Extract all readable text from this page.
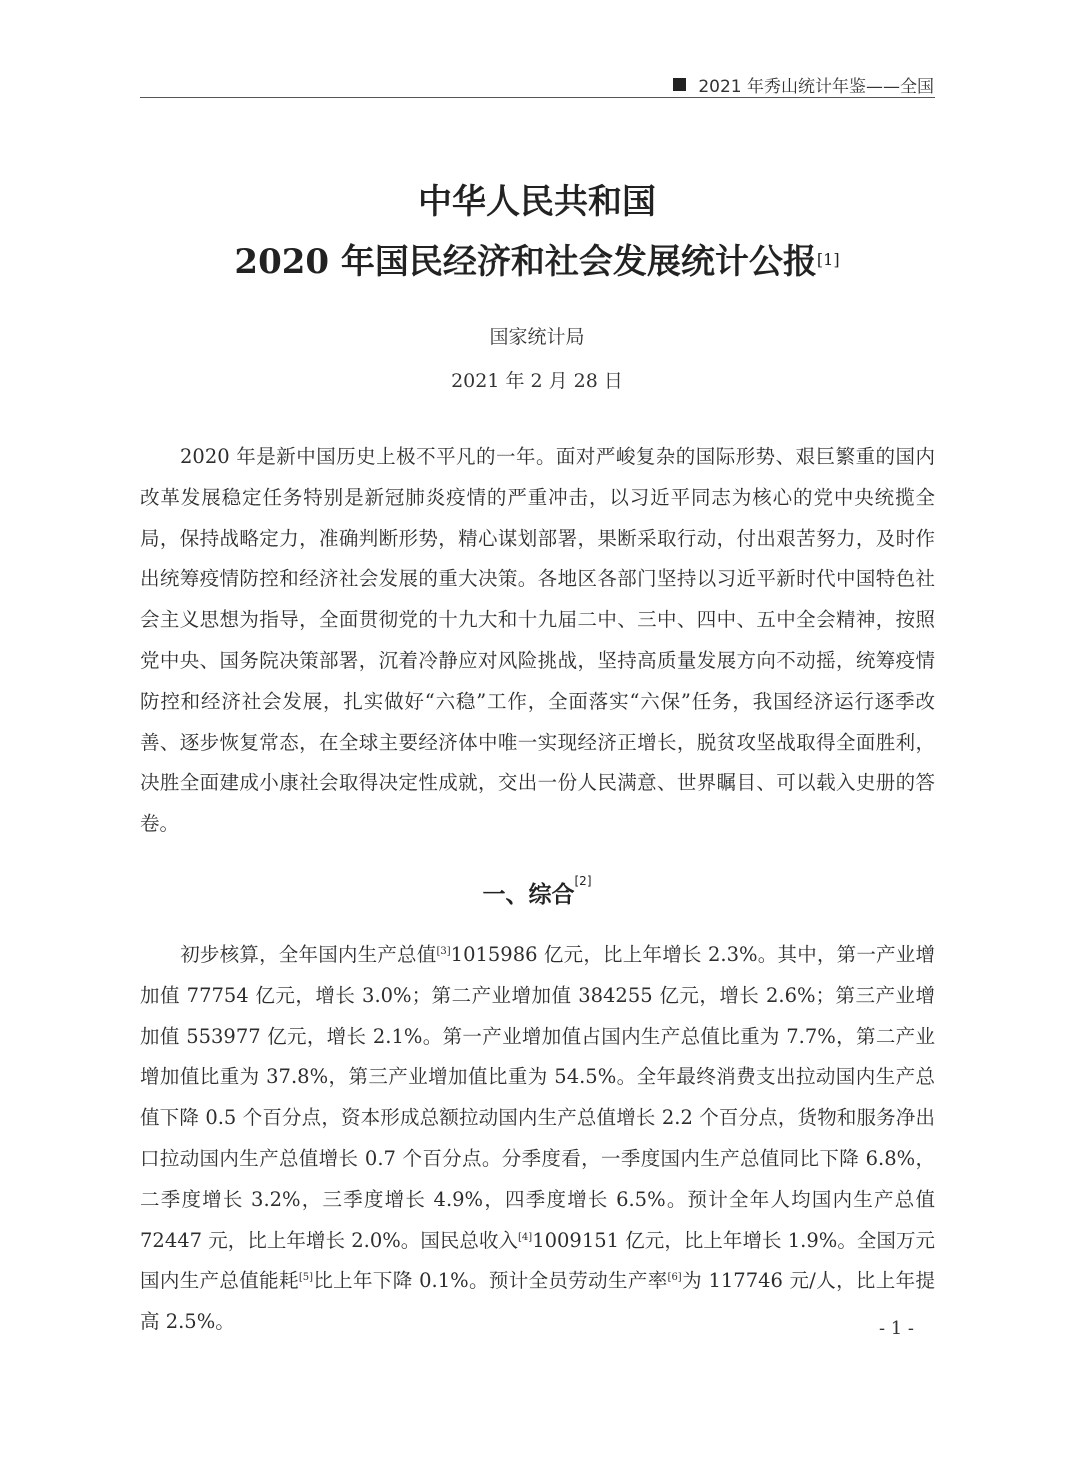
2021 年秀山统计年鉴——全国
中华人民共和国
2020 年国民经济和社会发展统计公报[1]
国家统计局
2021 年 2 月 28 日

2020 年是新中国历史上极不平凡的一年。面对严峻复杂的国际形势、艰巨繁重的国内改革发展稳定任务特别是新冠肺炎疫情的严重冲击，以习近平同志为核心的党中央统揽全局，保持战略定力，准确判断形势，精心谋划部署，果断采取行动，付出艰苦努力，及时作出统筹疫情防控和经济社会发展的重大决策。各地区各部门坚持以习近平新时代中国特色社会主义思想为指导，全面贯彻党的十九大和十九届二中、三中、四中、五中全会精神，按照党中央、国务院决策部署，沉着冷静应对风险挑战，坚持高质量发展方向不动摇，统筹疫情防控和经济社会发展，扎实做好“六稳”工作，全面落实“六保”任务，我国经济运行逐季改善、逐步恢复常态，在全球主要经济体中唯一实现经济正增长，脱贫攻坚战取得全面胜利，决胜全面建成小康社会取得决定性成就，交出一份人民满意、世界瞩目、可以载入史册的答卷。

一、综合[2]

初步核算，全年国内生产总值[3]1015986 亿元，比上年增长 2.3%。其中，第一产业增加值 77754 亿元，增长 3.0%；第二产业增加值 384255 亿元，增长 2.6%；第三产业增加值 553977 亿元，增长 2.1%。第一产业增加值占国内生产总值比重为 7.7%，第二产业增加值比重为 37.8%，第三产业增加值比重为 54.5%。全年最终消费支出拉动国内生产总值下降 0.5 个百分点，资本形成总额拉动国内生产总值增长 2.2 个百分点，货物和服务净出口拉动国内生产总值增长 0.7 个百分点。分季度看，一季度国内生产总值同比下降 6.8%，二季度增长 3.2%，三季度增长 4.9%，四季度增长 6.5%。预计全年人均国内生产总值 72447 元，比上年增长 2.0%。国民总收入[4]1009151 亿元，比上年增长 1.9%。全国万元国内生产总值能耗[5]比上年下降 0.1%。预计全员劳动生产率[6]为 117746 元/人，比上年提高 2.5%。	- 1 -
